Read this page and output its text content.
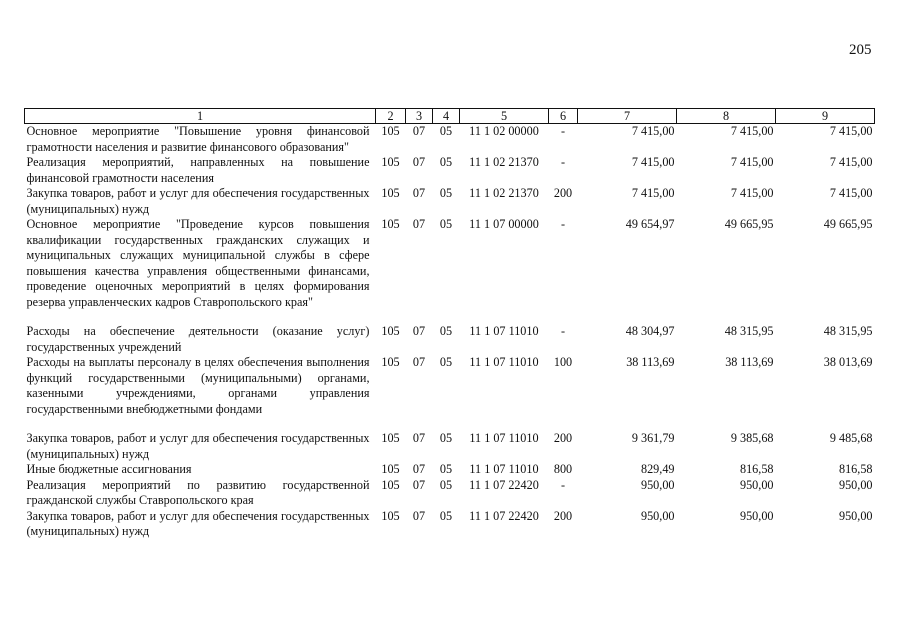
205
1	2	3	4	5	6	7	8	9
Основное мероприятие "Повышение уровня финансовой грамотности населения и развитие финансового образования"	105	07	05	11 1 02 00000	-	7 415,00	7 415,00	7 415,00
Реализация мероприятий, направленных на повышение финансовой грамотности населения	105	07	05	11 1 02 21370	-	7 415,00	7 415,00	7 415,00
Закупка товаров, работ и услуг для обеспечения государственных (муниципальных) нужд	105	07	05	11 1 02 21370	200	7 415,00	7 415,00	7 415,00
Основное мероприятие "Проведение курсов повышения квалификации государственных гражданских служащих и муниципальных служащих муниципальной службы в сфере повышения качества управления общественными финансами, проведение оценочных мероприятий в целях формирования резерва управленческих кадров Ставропольского края"	105	07	05	11 1 07 00000	-	49 654,97	49 665,95	49 665,95
Расходы на обеспечение деятельности (оказание услуг) государственных учреждений	105	07	05	11 1 07 11010	-	48 304,97	48 315,95	48 315,95
Расходы на выплаты персоналу в целях обеспечения выполнения функций государственными (муниципальными) органами, казенными учреждениями, органами управления государственными внебюджетными фондами	105	07	05	11 1 07 11010	100	38 113,69	38 113,69	38 013,69
Закупка товаров, работ и услуг для обеспечения государственных (муниципальных) нужд	105	07	05	11 1 07 11010	200	9 361,79	9 385,68	9 485,68
Иные бюджетные ассигнования	105	07	05	11 1 07 11010	800	829,49	816,58	816,58
Реализация мероприятий по развитию государственной гражданской службы Ставропольского края	105	07	05	11 1 07 22420	-	950,00	950,00	950,00
Закупка товаров, работ и услуг для обеспечения государственных (муниципальных) нужд	105	07	05	11 1 07 22420	200	950,00	950,00	950,00
